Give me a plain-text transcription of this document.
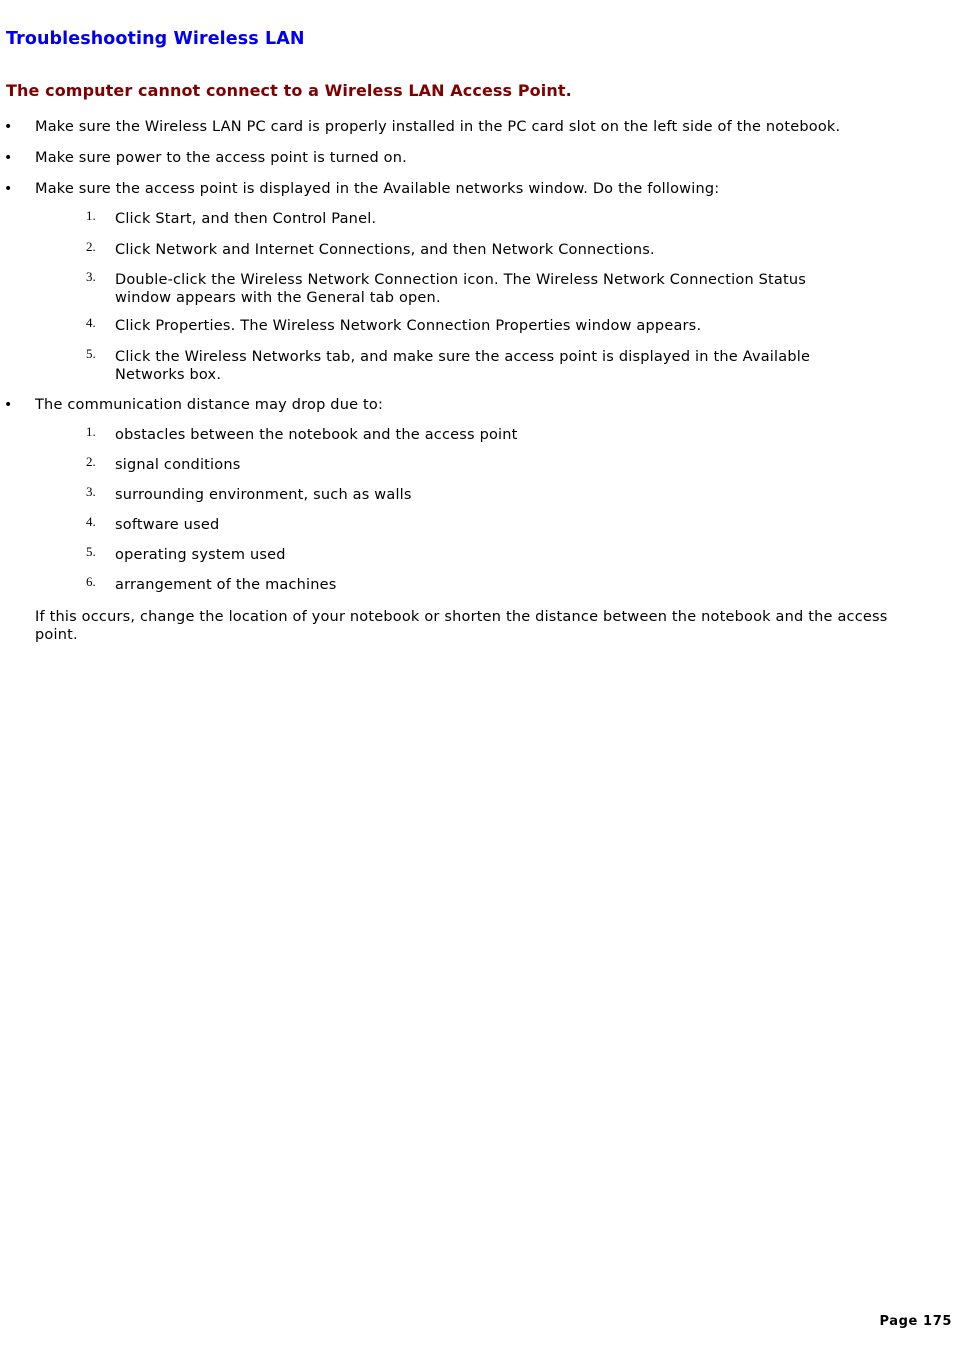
Troubleshooting Wireless LAN
The computer cannot connect to a Wireless LAN Access Point.
• Make sure the Wireless LAN PC card is properly installed in the PC card slot on the left side of the notebook.
• Make sure power to the access point is turned on.
• Make sure the access point is displayed in the Available networks window. Do the following:
1. Click Start, and then Control Panel.
2. Click Network and Internet Connections, and then Network Connections.
3. Double-click the Wireless Network Connection icon. The Wireless Network Connection Status window appears with the General tab open.
4. Click Properties. The Wireless Network Connection Properties window appears.
5. Click the Wireless Networks tab, and make sure the access point is displayed in the Available Networks box.
• The communication distance may drop due to:
1. obstacles between the notebook and the access point
2. signal conditions
3. surrounding environment, such as walls
4. software used
5. operating system used
6. arrangement of the machines
If this occurs, change the location of your notebook or shorten the distance between the notebook and the access point.
Page 175
